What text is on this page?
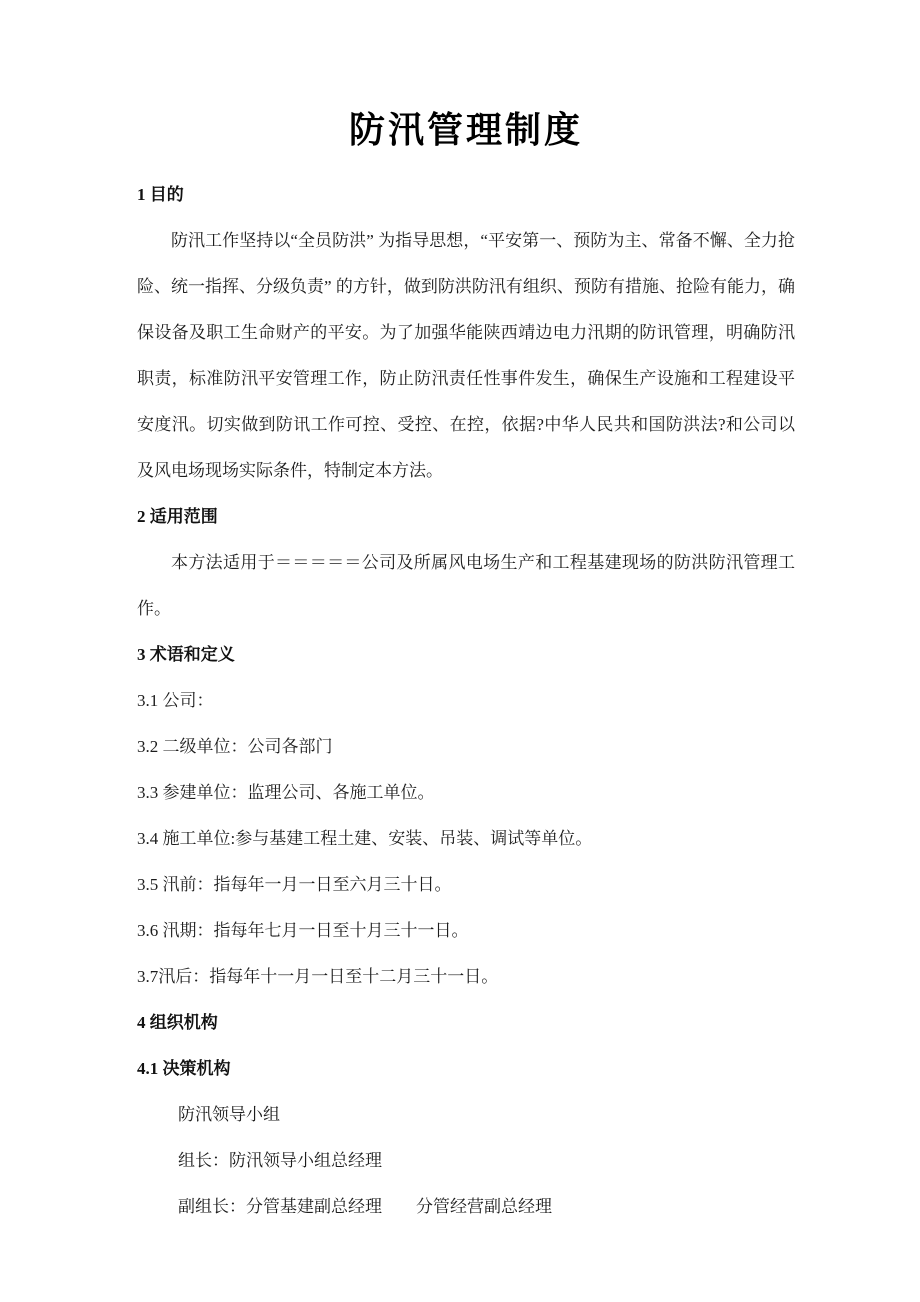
防汛管理制度

1 目的

防汛工作坚持以“全员防洪” 为指导思想，“平安第一、预防为主、常备不懈、全力抢险、统一指挥、分级负责” 的方针，做到防洪防汛有组织、预防有措施、抢险有能力，确保设备及职工生命财产的平安。为了加强华能陕西靖边电力汛期的防讯管理，明确防汛职责，标准防汛平安管理工作，防止防汛责任性事件发生，确保生产设施和工程建设平安度汛。切实做到防讯工作可控、受控、在控，依据?中华人民共和国防洪法?和公司以及风电场现场实际条件，特制定本方法。

2 适用范围

本方法适用于＝＝＝＝＝公司及所属风电场生产和工程基建现场的防洪防汛管理工作。

3 术语和定义

3.1 公司：

3.2 二级单位：公司各部门

3.3 参建单位：监理公司、各施工单位。

3.4 施工单位:参与基建工程土建、安装、吊装、调试等单位。

3.5 汛前：指每年一月一日至六月三十日。

3.6 汛期：指每年七月一日至十月三十一日。

3.7汛后：指每年十一月一日至十二月三十一日。

4 组织机构

4.1 决策机构

防汛领导小组

组长：防汛领导小组总经理

副组长：分管基建副总经理　　分管经营副总经理
